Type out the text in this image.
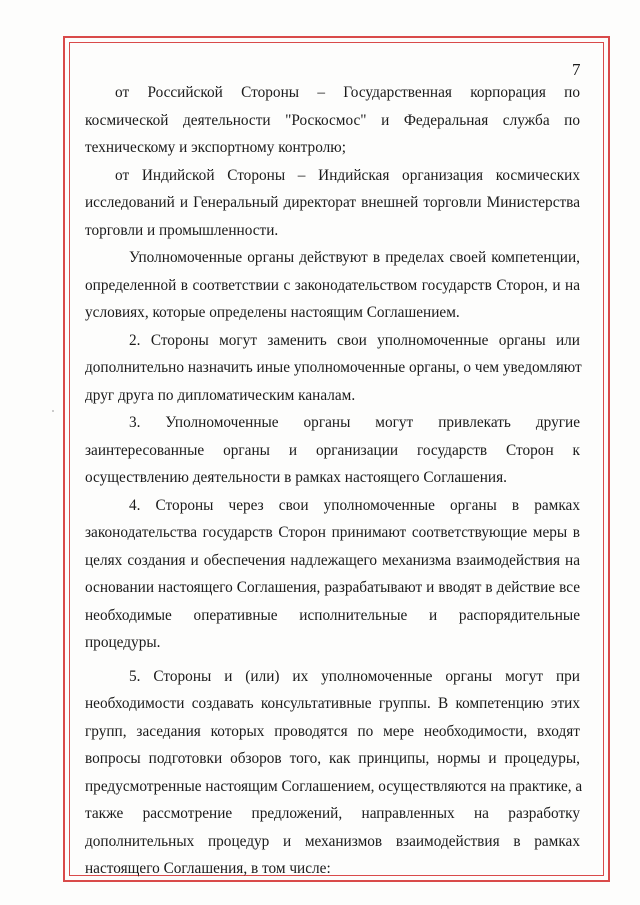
7
от Российской Стороны – Государственная корпорация по
космической деятельности "Роскосмос" и Федеральная служба по
техническому и экспортному контролю;
от Индийской Стороны – Индийская организация космических
исследований и Генеральный директорат внешней торговли Министерства
торговли и промышленности.
Уполномоченные органы действуют в пределах своей компетенции,
определенной в соответствии с законодательством государств Сторон, и на
условиях, которые определены настоящим Соглашением.
2. Стороны могут заменить свои уполномоченные органы или
дополнительно назначить иные уполномоченные органы, о чем уведомляют
друг друга по дипломатическим каналам.
3. Уполномоченные органы могут привлекать другие
заинтересованные органы и организации государств Сторон к
осуществлению деятельности в рамках настоящего Соглашения.
4. Стороны через свои уполномоченные органы в рамках
законодательства государств Сторон принимают соответствующие меры в
целях создания и обеспечения надлежащего механизма взаимодействия на
основании настоящего Соглашения, разрабатывают и вводят в действие все
необходимые оперативные исполнительные и распорядительные
процедуры.
5. Стороны и (или) их уполномоченные органы могут при
необходимости создавать консультативные группы. В компетенцию этих
групп, заседания которых проводятся по мере необходимости, входят
вопросы подготовки обзоров того, как принципы, нормы и процедуры,
предусмотренные настоящим Соглашением, осуществляются на практике, а
также рассмотрение предложений, направленных на разработку
дополнительных процедур и механизмов взаимодействия в рамках
настоящего Соглашения, в том числе:
